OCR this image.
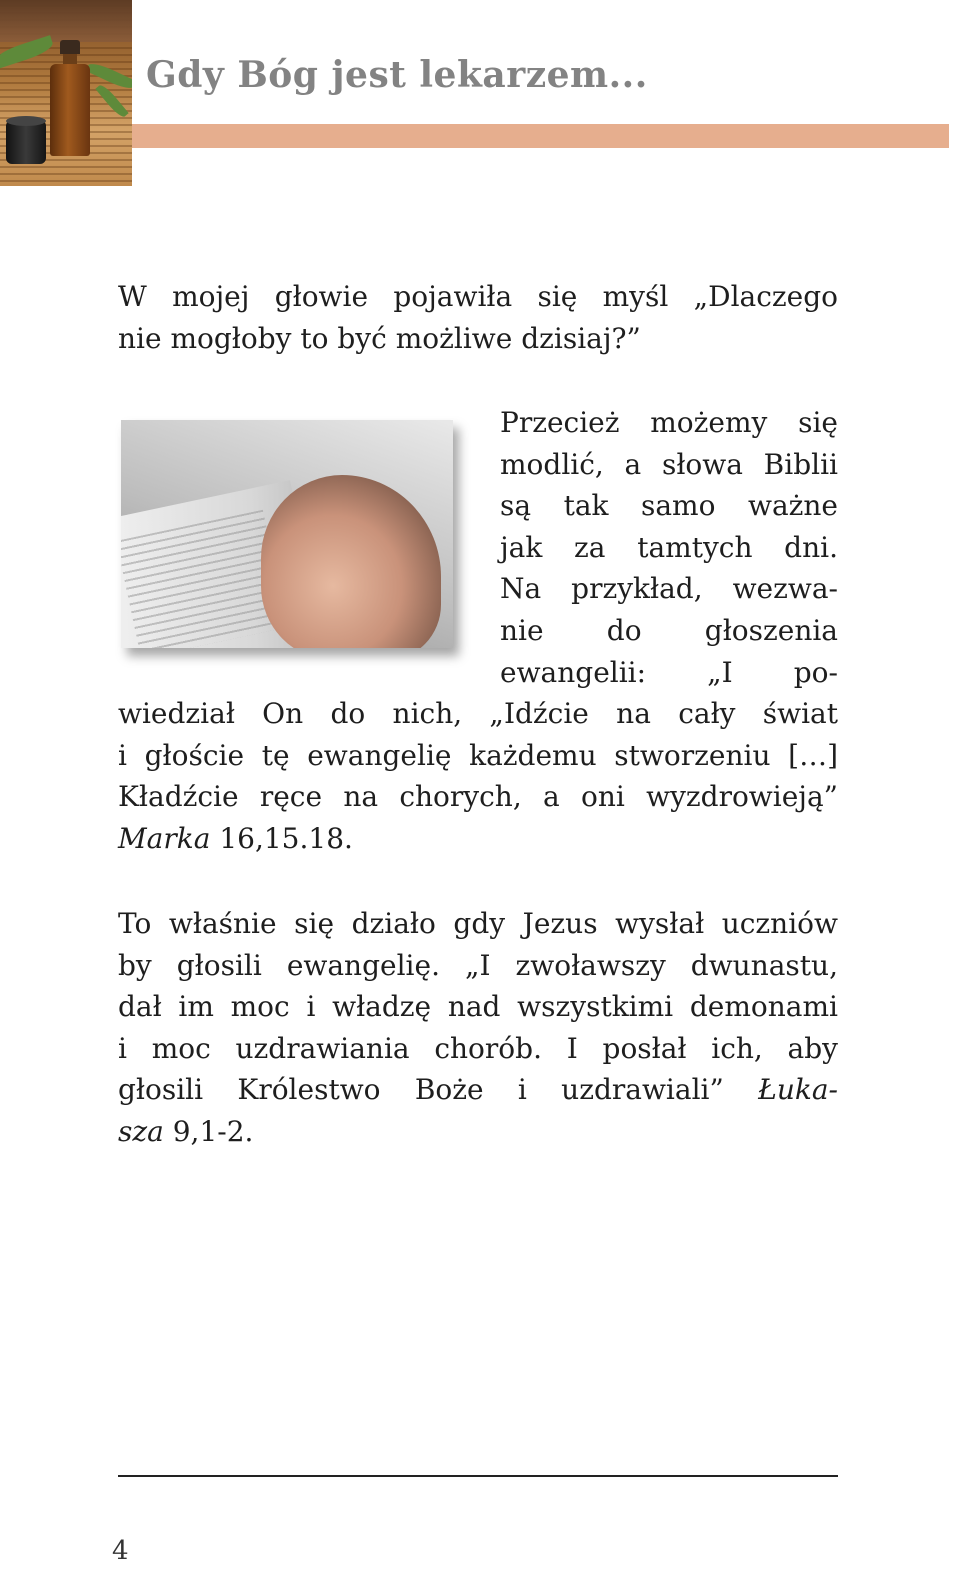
Gdy Bóg jest lekarzem...

W mojej głowie pojawiła się myśl „Dlaczego
nie mogłoby to być możliwe dzisiaj?”

Przecież możemy się
modlić, a słowa Biblii
są tak samo ważne
jak za tamtych dni.
Na przykład, wezwa-
nie do głoszenia
ewangelii: „I po-

wiedział On do nich, „Idźcie na cały świat
i głoście tę ewangelię każdemu stworzeniu […]
Kładźcie ręce na chorych, a oni wyzdrowieją”
Marka 16,15.18.

To właśnie się działo gdy Jezus wysłał uczniów
by głosili ewangelię. „I zwoławszy dwunastu,
dał im moc i władzę nad wszystkimi demonami
i moc uzdrawiania chorób. I posłał ich, aby
głosili Królestwo Boże i uzdrawiali” Łuka-
sza 9,1-2.

4
